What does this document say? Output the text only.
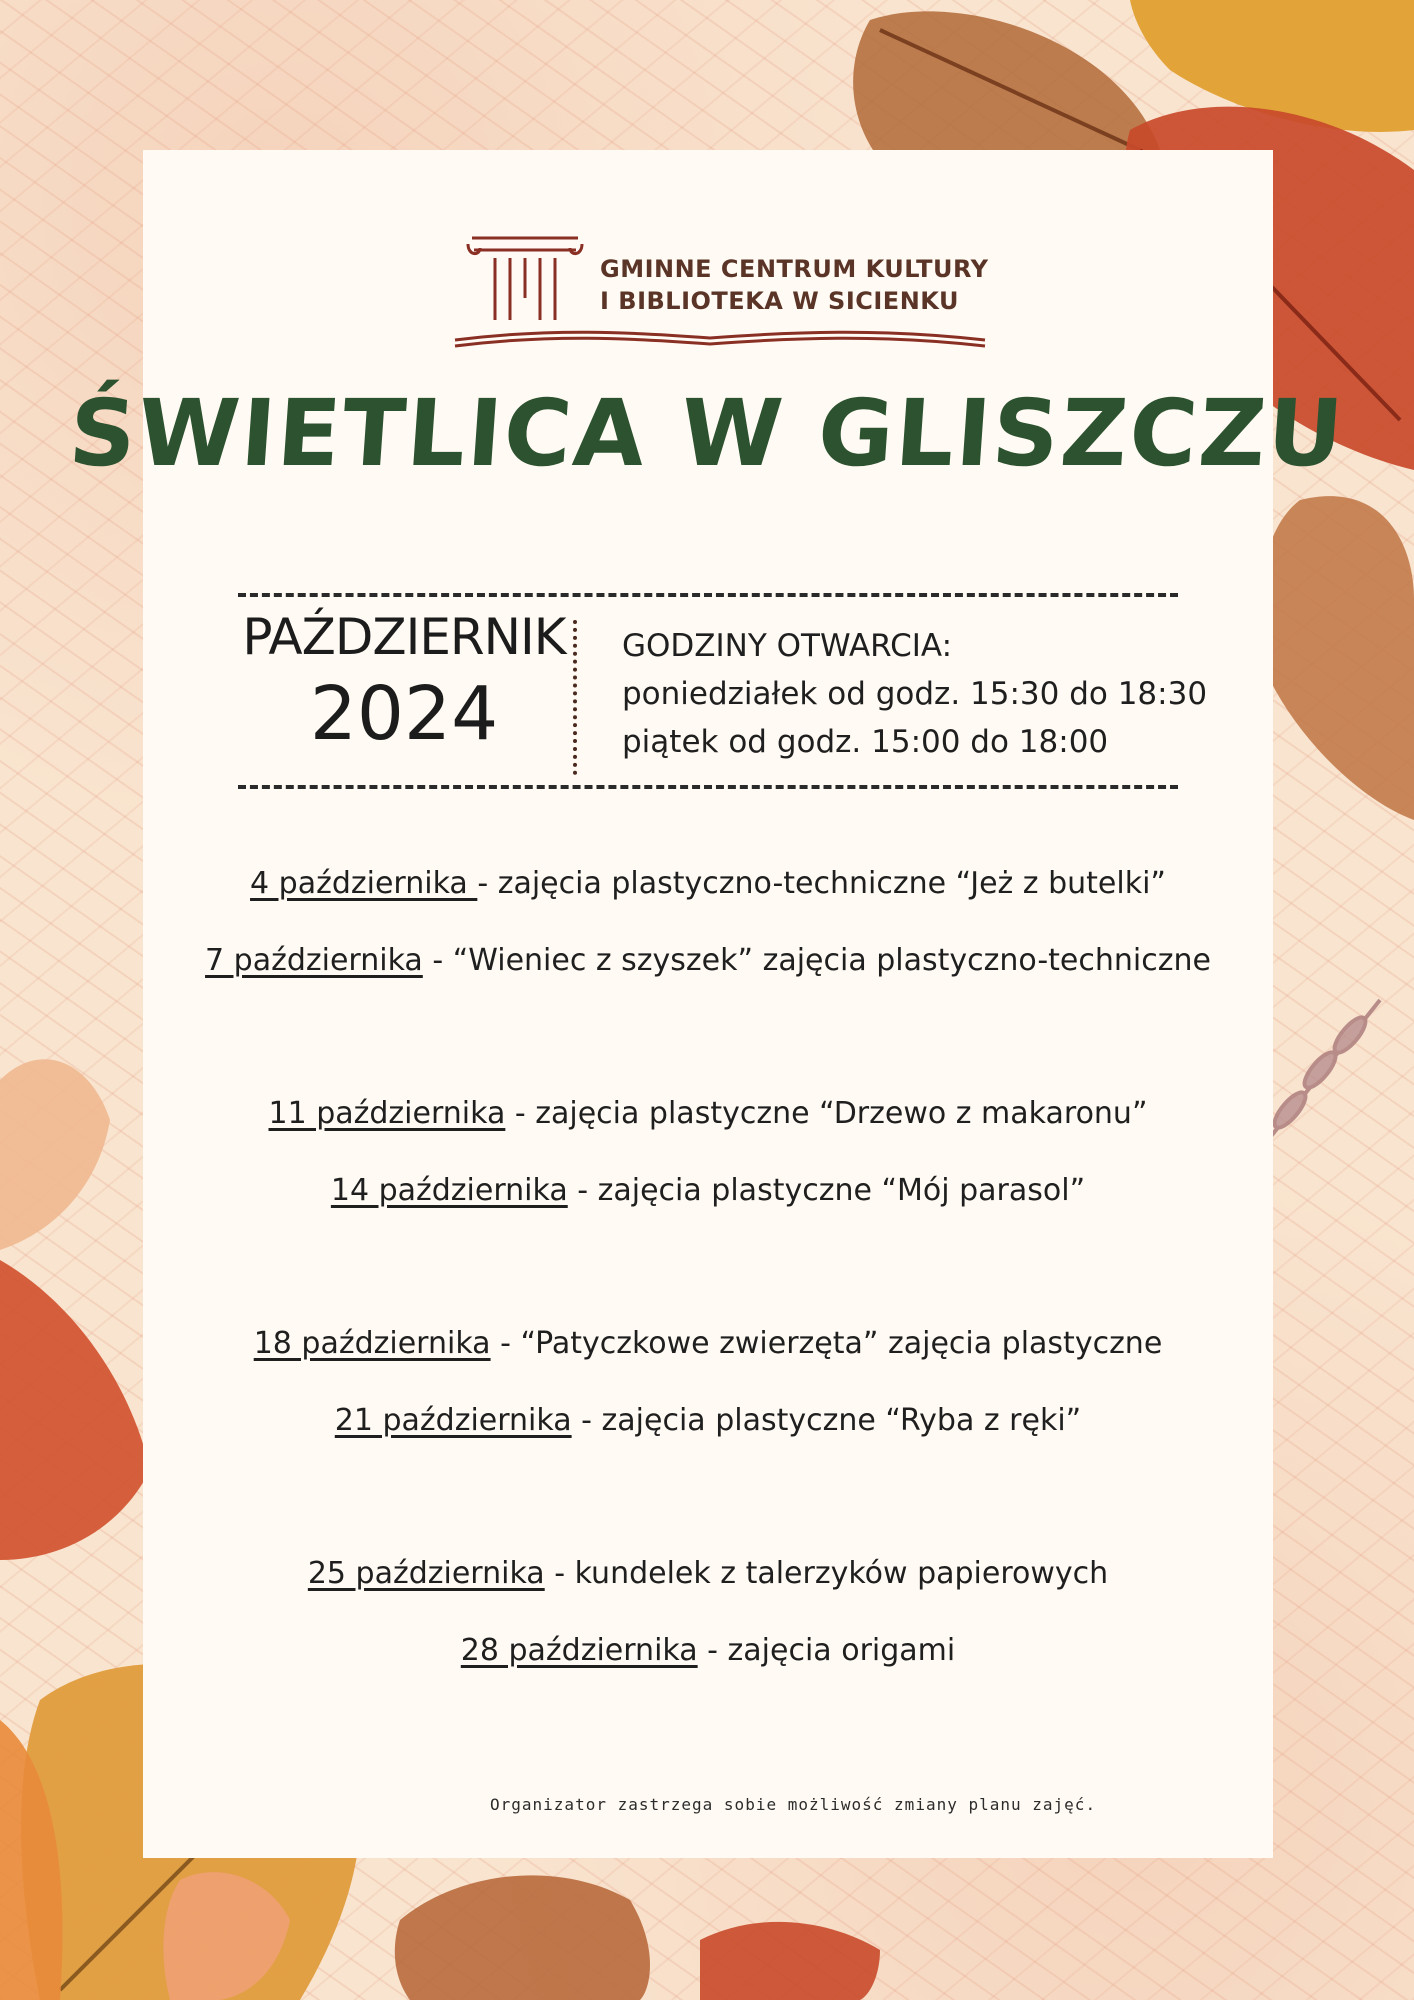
GMINNE CENTRUM KULTURY
I BIBLIOTEKA W SICIENKU
ŚWIETLICA W GLISZCZU
PAŹDZIERNIK
2024
GODZINY OTWARCIA:
poniedziałek od godz. 15:30 do 18:30
piątek od godz. 15:00 do 18:00
4 października - zajęcia plastyczno-techniczne “Jeż z butelki”
7 października - “Wieniec z szyszek” zajęcia plastyczno-techniczne
11 października - zajęcia plastyczne “Drzewo z makaronu”
14 października - zajęcia plastyczne “Mój parasol”
18 października - “Patyczkowe zwierzęta” zajęcia plastyczne
21 października - zajęcia plastyczne “Ryba z ręki”
25 października - kundelek z talerzyków papierowych
28 października - zajęcia origami
Organizator zastrzega sobie możliwość zmiany planu zajęć.
